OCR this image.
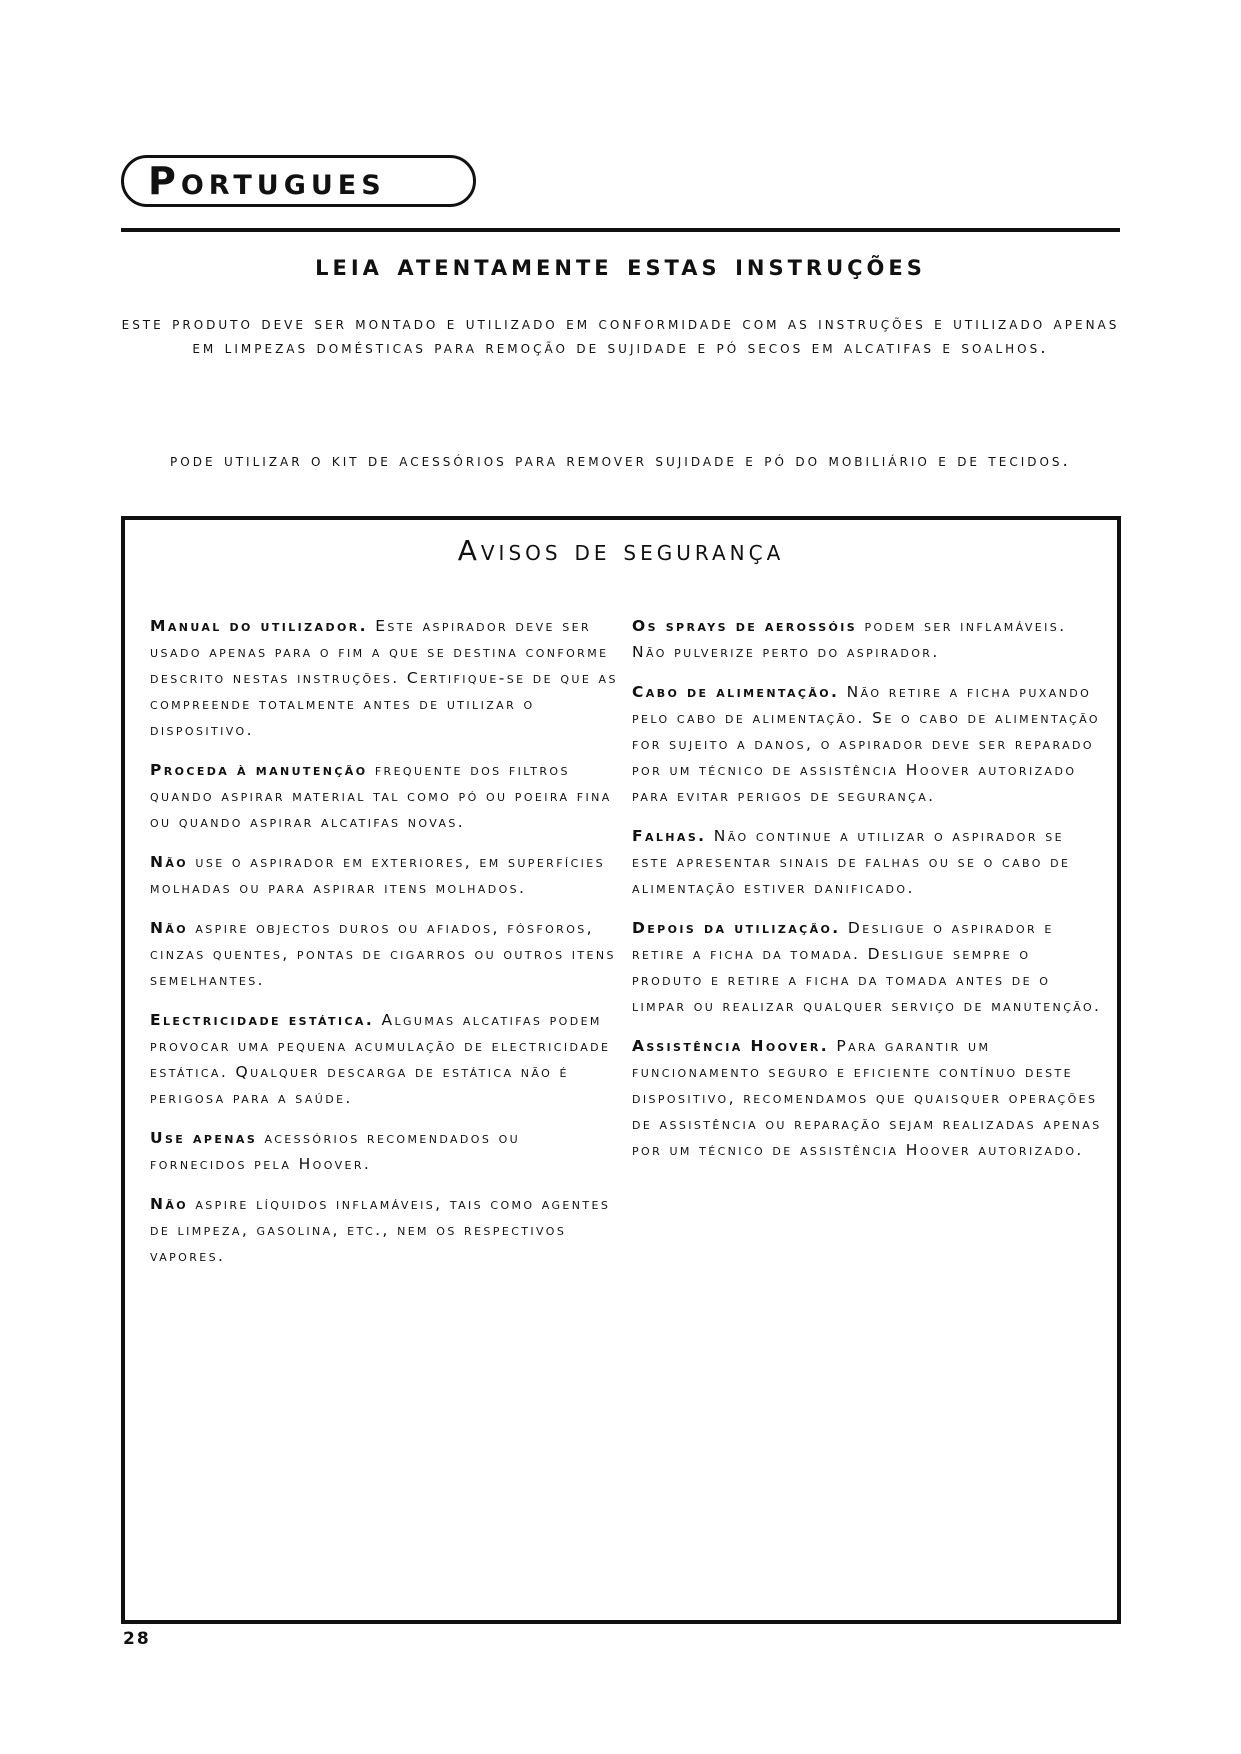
Portugues
leia atentamente estas instruções
este produto deve ser montado e utilizado em conformidade com as instruções e utilizado apenas em limpezas domésticas para remoção de sujidade e pó secos em alcatifas e soalhos.
pode utilizar o kit de acessórios para remover sujidade e pó do mobiliário e de tecidos.
Avisos de segurança

Manual do utilizador. Este aspirador deve ser usado apenas para o fim a que se destina conforme descrito nestas instruções. Certifique-se de que as compreende totalmente antes de utilizar o dispositivo.

Proceda à manutenção frequente dos filtros quando aspirar material tal como pó ou poeira fina ou quando aspirar alcatifas novas.

Não use o aspirador em exteriores, em superfícies molhadas ou para aspirar itens molhados.

Não aspire objectos duros ou afiados, fósforos, cinzas quentes, pontas de cigarros ou outros itens semelhantes.

Electricidade estática. Algumas alcatifas podem provocar uma pequena acumulação de electricidade estática. Qualquer descarga de estática não é perigosa para a saúde.

Use apenas acessórios recomendados ou fornecidos pela Hoover.

Não aspire líquidos inflamáveis, tais como agentes de limpeza, gasolina, etc., nem os respectivos vapores.

Os sprays de aerossóis podem ser inflamáveis. Não pulverize perto do aspirador.

Cabo de alimentação. Não retire a ficha puxando pelo cabo de alimentação. Se o cabo de alimentação for sujeito a danos, o aspirador deve ser reparado por um técnico de assistência Hoover autorizado para evitar perigos de segurança.

Falhas. Não continue a utilizar o aspirador se este apresentar sinais de falhas ou se o cabo de alimentação estiver danificado.

Depois da utilização. Desligue o aspirador e retire a ficha da tomada. Desligue sempre o produto e retire a ficha da tomada antes de o limpar ou realizar qualquer serviço de manutenção.

Assistência Hoover. Para garantir um funcionamento seguro e eficiente contínuo deste dispositivo, recomendamos que quaisquer operações de assistência ou reparação sejam realizadas apenas por um técnico de assistência Hoover autorizado.

28
